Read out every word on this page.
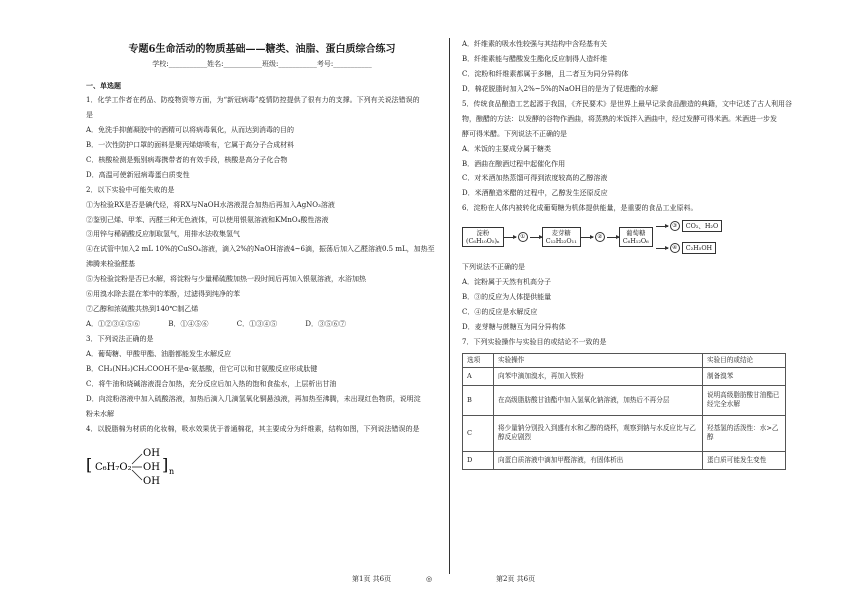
专题6生命活动的物质基础——糖类、油脂、蛋白质综合练习
学校:___________姓名:___________班级:___________考号:___________
一、单选题
1．化学工作者在药品、防疫物资等方面，为“新冠病毒”疫情防控提供了很有力的支撑。下列有关说法错误的
是
A．免洗手抑菌凝胶中的酒精可以将病毒氧化，从而达到消毒的目的
B．一次性防护口罩的面料是聚丙烯熔喷布，它属于高分子合成材料
C．核酸检测是甄别病毒携带者的有效手段，核酸是高分子化合物
D．高温可使新冠病毒蛋白质变性
2．以下实验中可能失败的是
①为检验RX是否是碘代烃，将RX与NaOH水溶液混合加热后再加入AgNO₃溶液
②鉴别己烯、甲苯、丙醛三种无色液体，可以使用银氨溶液和KMnO₄酸性溶液
③用锌与稀硝酸反应制取氢气，用排水法收集氢气
④在试管中加入2 mL 10%的CuSO₄溶液，滴入2%的NaOH溶液4~6滴，振荡后加入乙醛溶液0.5 mL，加热至
沸腾来检验醛基
⑤为检验淀粉是否已水解，将淀粉与少量稀硫酸加热一段时间后再加入银氨溶液，水浴加热
⑥用溴水除去混在苯中的苯酚，过滤得到纯净的苯
⑦乙醇和浓硫酸共热到140℃制乙烯
A．①②③④⑤⑥	B．①④⑤⑥	C．①③④⑤	D．③⑤⑥⑦
3．下列说法正确的是
A．葡萄糖、甲酸甲酯、油脂都能发生水解反应
B．CH₃(NH₂)CH₂COOH不是α-氨基酸，但它可以和甘氨酸反应形成肽键
C．将牛油和烧碱溶液混合加热，充分反应后加入热的饱和食盐水，上层析出甘油
D．向淀粉溶液中加入硫酸溶液，加热后滴入几滴氢氧化铜悬浊液，再加热至沸腾，未出现红色物质，说明淀
粉未水解
4．以脱脂棉为材质的化妆棉，吸水效果优于普通棉花，其主要成分为纤维素，结构如图，下列说法错误的是
[ C₆H₇O₂
OH
OH
OH
] n
A．纤维素的吸水性较强与其结构中含羟基有关
B．纤维素能与醋酸发生酯化反应制得人造纤维
C．淀粉和纤维素都属于多糖，且二者互为同分异构体
D．棉花脱脂时加入2%~5%的NaOH目的是为了促进酯的水解
5．传统食品酿造工艺起源于我国，《齐民要术》是世界上最早记录食品酿造的典籍，文中记述了古人利用谷
物，酿醋的方法：以发酵的谷物作酒曲，将蒸熟的米饭拌入酒曲中，经过发酵可得米酒。米酒进一步发
酵可得米醋。下列说法不正确的是
A．米饭的主要成分属于糖类
B．酒曲在酿酒过程中起催化作用
C．对米酒加热蒸馏可得到浓度较高的乙醇溶液
D．米酒酿造米醋的过程中，乙醇发生还原反应
6．淀粉在人体内被转化成葡萄糖为机体提供能量，是重要的食品工业原料。
淀粉
(C₆H₁₀O₅)ₙ	①	麦芽糖
C₁₂H₂₂O₁₁	②	葡萄糖
C₆H₁₂O₆
③	CO₂、H₂O
④	C₂H₅OH
下列说法不正确的是
A．淀粉属于天然有机高分子
B．③的反应为人体提供能量
C．④的反应是水解反应
D．麦芽糖与蔗糖互为同分异构体
7．下列实验操作与实验目的或结论不一致的是
选项	实验操作	实验目的或结论
A	向苯中滴加溴水，再加入铁粉	制备溴苯
B	在高级脂肪酸甘油酯中加入氢氧化钠溶液，加热后不再分层	说明高级脂肪酸甘油酯已经完全水解
C	将少量钠分别投入到盛有水和乙醇的烧杯，观察到钠与水反应比与乙醇反应剧烈	羟基氢的活泼性：水>乙醇
D	向蛋白质溶液中滴加甲醛溶液，有固体析出	蛋白质可能发生变性
第1页 共6页	◎	第2页 共6页
